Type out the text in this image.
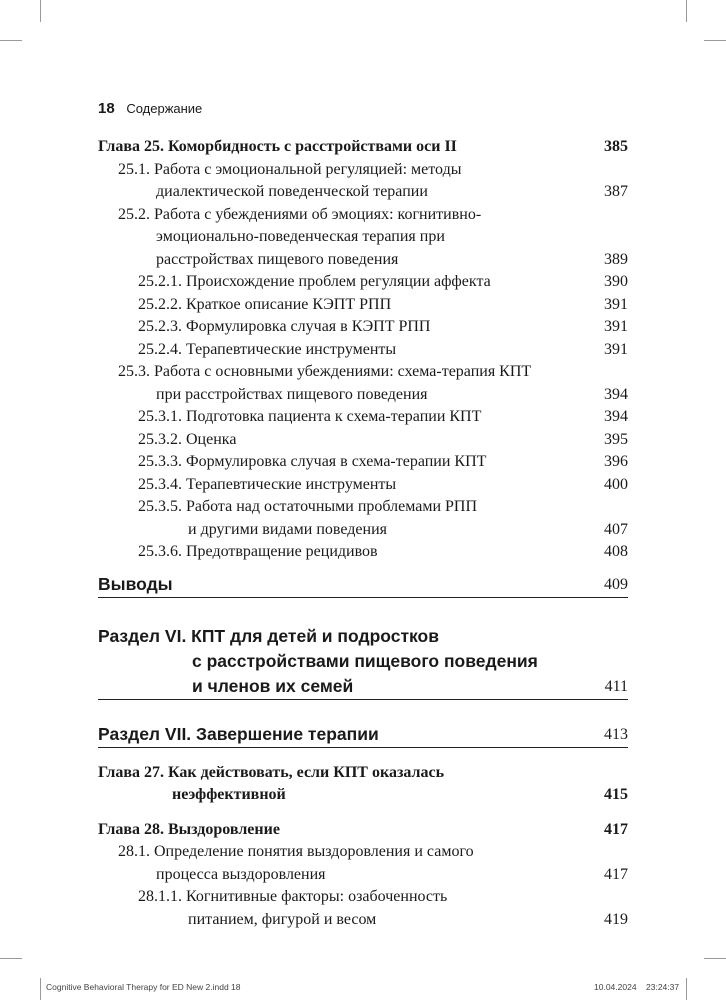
18 Содержание
Глава 25. Коморбидность с расстройствами оси II	385
25.1. Работа с эмоциональной регуляцией: методы
диалектической поведенческой терапии	387
25.2. Работа с убеждениями об эмоциях: когнитивно-
эмоционально-поведенческая терапия при
расстройствах пищевого поведения	389
25.2.1. Происхождение проблем регуляции аффекта	390
25.2.2. Краткое описание КЭПТ РПП	391
25.2.3. Формулировка случая в КЭПТ РПП	391
25.2.4. Терапевтические инструменты	391
25.3. Работа с основными убеждениями: схема-терапия КПТ
при расстройствах пищевого поведения	394
25.3.1. Подготовка пациента к схема-терапии КПТ	394
25.3.2. Оценка	395
25.3.3. Формулировка случая в схема-терапии КПТ	396
25.3.4. Терапевтические инструменты	400
25.3.5. Работа над остаточными проблемами РПП
и другими видами поведения	407
25.3.6. Предотвращение рецидивов	408
Выводы	409
Раздел VI. КПТ для детей и подростков
с расстройствами пищевого поведения
и членов их семей	411
Раздел VII. Завершение терапии	413
Глава 27. Как действовать, если КПТ оказалась
неэффективной	415
Глава 28. Выздоровление	417
28.1. Определение понятия выздоровления и самого
процесса выздоровления	417
28.1.1. Когнитивные факторы: озабоченность
питанием, фигурой и весом	419
Cognitive Behavioral Therapy for ED New 2.indd 18	10.04.2024 23:24:37
